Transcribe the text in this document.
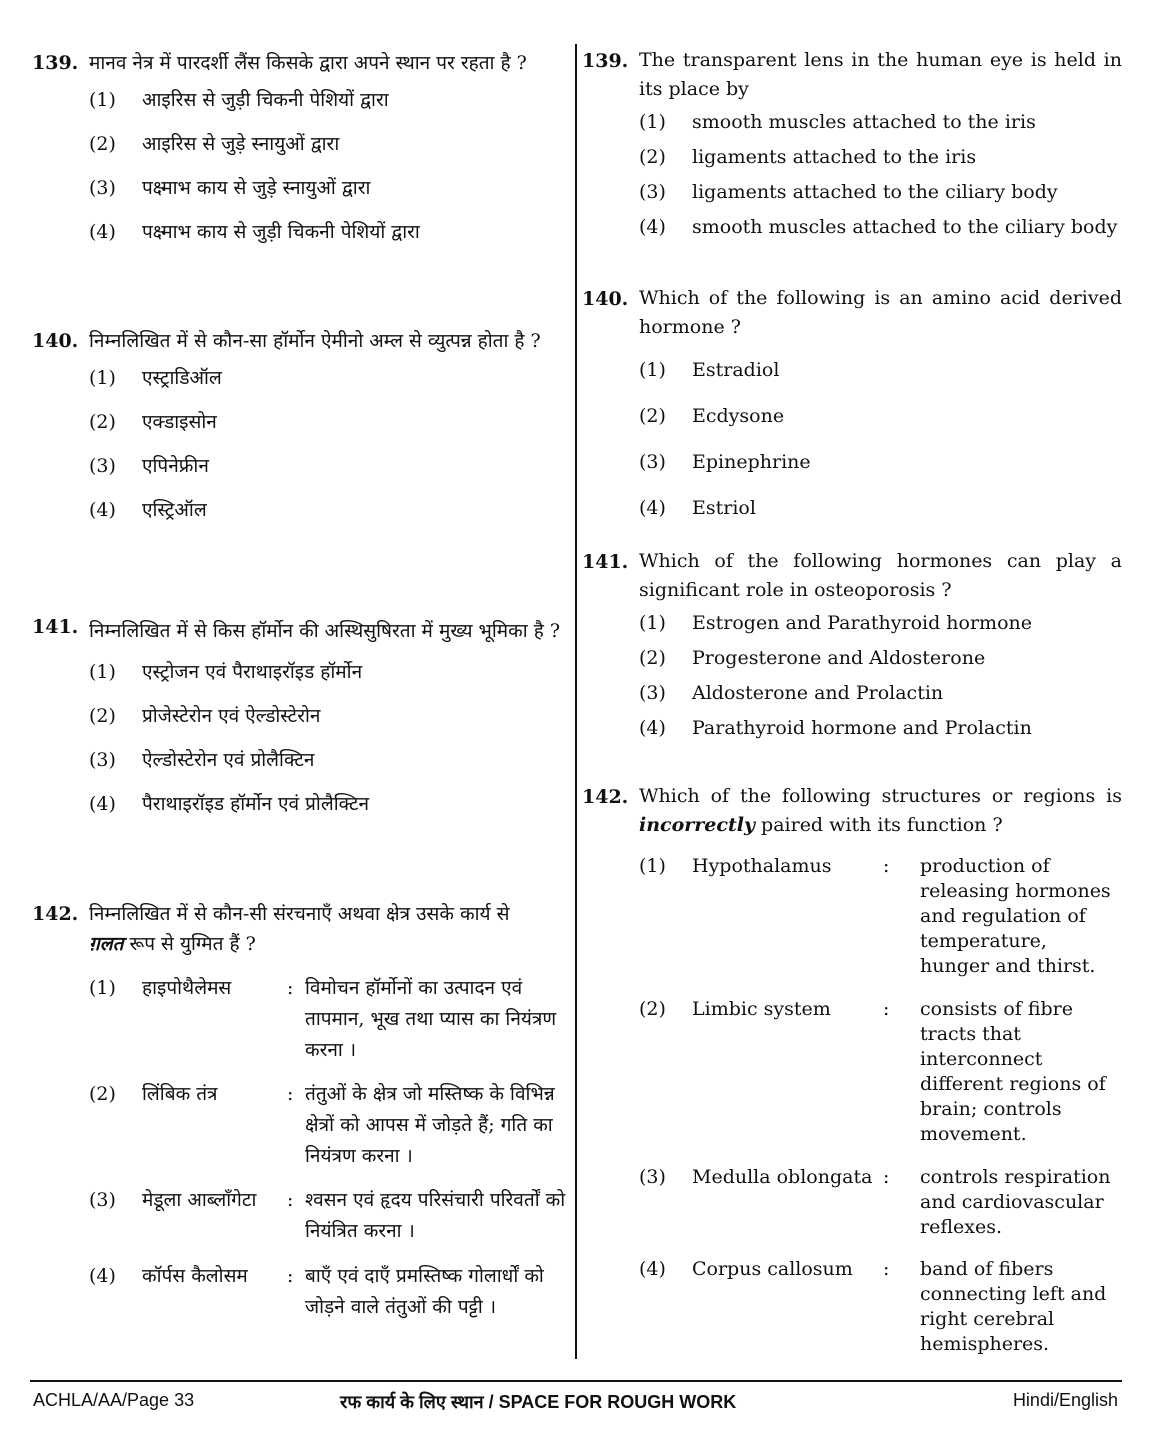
139. मानव नेत्र में पारदर्शी लैंस किसके द्वारा अपने स्थान पर रहता है ?
(1) आइरिस से जुड़ी चिकनी पेशियों द्वारा
(2) आइरिस से जुड़े स्नायुओं द्वारा
(3) पक्ष्माभ काय से जुड़े स्नायुओं द्वारा
(4) पक्ष्माभ काय से जुड़ी चिकनी पेशियों द्वारा
140. निम्नलिखित में से कौन-सा हॉर्मोन ऐमीनो अम्ल से व्युत्पन्न होता है ?
(1) एस्ट्राडिऑल
(2) एक्डाइसोन
(3) एपिनेफ्रीन
(4) एस्ट्रिऑल
141. निम्नलिखित में से किस हॉर्मोन की अस्थिसुषिरता में मुख्य भूमिका है ?
(1) एस्ट्रोजन एवं पैराथाइरॉइड हॉर्मोन
(2) प्रोजेस्टेरोन एवं ऐल्डोस्टेरोन
(3) ऐल्डोस्टेरोन एवं प्रोलैक्टिन
(4) पैराथाइरॉइड हॉर्मोन एवं प्रोलैक्टिन
142. निम्नलिखित में से कौन-सी संरचनाएँ अथवा क्षेत्र उसके कार्य से
ग़लत रूप से युग्मित हैं ?
(1) हाइपोथैलेमस	: विमोचन हॉर्मोनों का उत्पादन एवं तापमान, भूख तथा प्यास का नियंत्रण करना ।
(2) लिंबिक तंत्र	: तंतुओं के क्षेत्र जो मस्तिष्क के विभिन्न क्षेत्रों को आपस में जोड़ते हैं; गति का नियंत्रण करना ।
(3) मेडूला आब्लॉंगेटा : श्वसन एवं हृदय परिसंचारी परिवर्तों को नियंत्रित करना ।
(4) कॉर्पस कैलोसम : बाएँ एवं दाएँ प्रमस्तिष्क गोलार्धों को जोड़ने वाले तंतुओं की पट्टी ।
139. The transparent lens in the human eye is held in its place by
(1) smooth muscles attached to the iris
(2) ligaments attached to the iris
(3) ligaments attached to the ciliary body
(4) smooth muscles attached to the ciliary body
140. Which of the following is an amino acid derived hormone ?
(1) Estradiol
(2) Ecdysone
(3) Epinephrine
(4) Estriol
141. Which of the following hormones can play a significant role in osteoporosis ?
(1) Estrogen and Parathyroid hormone
(2) Progesterone and Aldosterone
(3) Aldosterone and Prolactin
(4) Parathyroid hormone and Prolactin
142. Which of the following structures or regions is incorrectly paired with its function ?
(1) Hypothalamus	: production of releasing hormones and regulation of temperature, hunger and thirst.
(2) Limbic system	: consists of fibre tracts that interconnect different regions of brain; controls movement.
(3) Medulla oblongata : controls respiration and cardiovascular reflexes.
(4) Corpus callosum : band of fibers connecting left and right cerebral hemispheres.
ACHLA/AA/Page 33	रफ कार्य के लिए स्थान / SPACE FOR ROUGH WORK	Hindi/English
